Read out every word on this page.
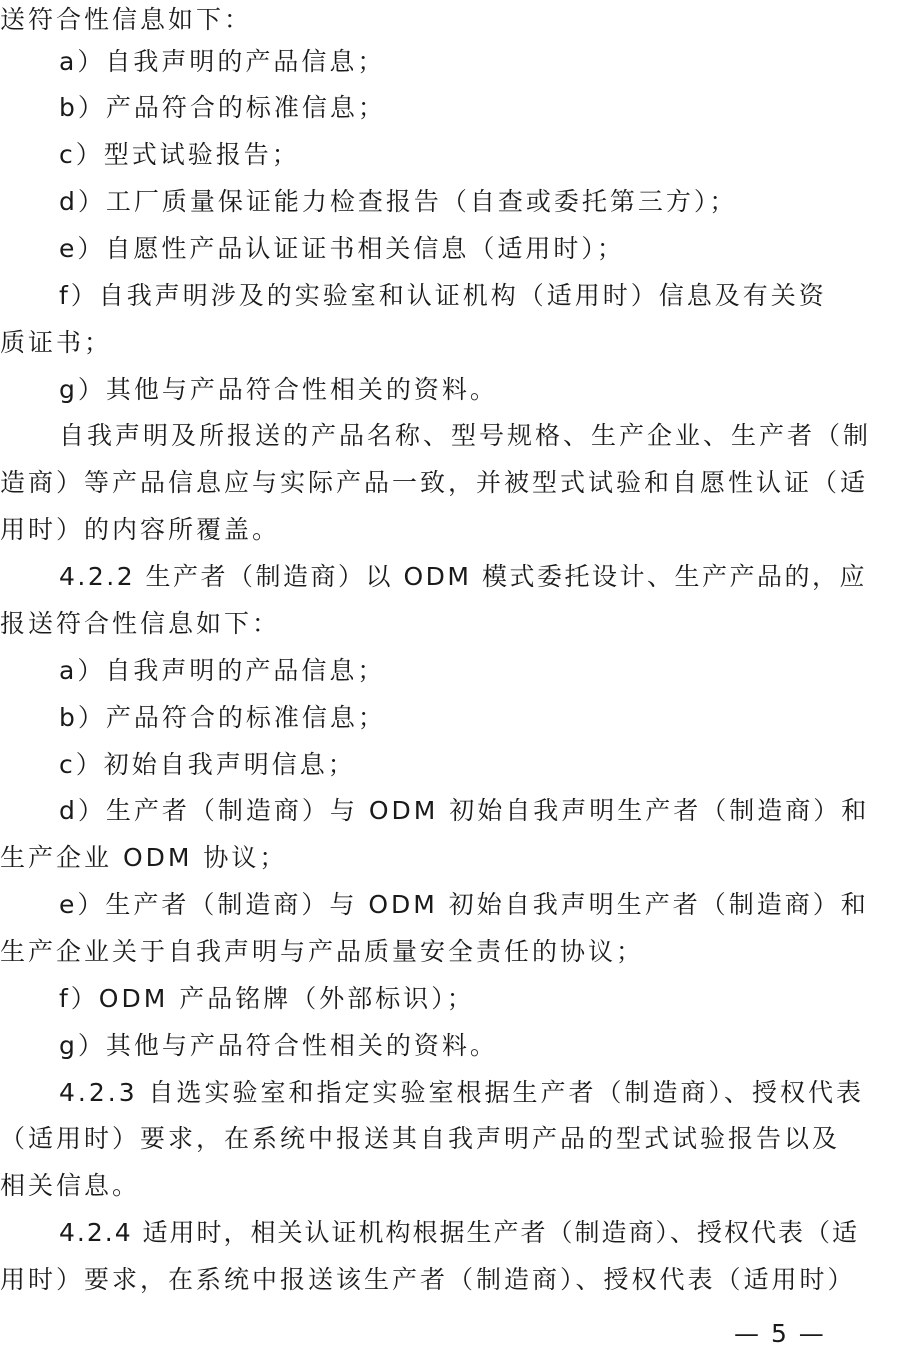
送符合性信息如下：
a）自我声明的产品信息；
b）产品符合的标准信息；
c）型式试验报告；
d）工厂质量保证能力检查报告（自查或委托第三方）；
e）自愿性产品认证证书相关信息（适用时）；
f）自我声明涉及的实验室和认证机构（适用时）信息及有关资
质证书；
g）其他与产品符合性相关的资料。
自我声明及所报送的产品名称、型号规格、生产企业、生产者（制
造商）等产品信息应与实际产品一致，并被型式试验和自愿性认证（适
用时）的内容所覆盖。
4.2.2 生产者（制造商）以 ODM 模式委托设计、生产产品的，应
报送符合性信息如下：
a）自我声明的产品信息；
b）产品符合的标准信息；
c）初始自我声明信息；
d）生产者（制造商）与 ODM 初始自我声明生产者（制造商）和
生产企业 ODM 协议；
e）生产者（制造商）与 ODM 初始自我声明生产者（制造商）和
生产企业关于自我声明与产品质量安全责任的协议；
f）ODM 产品铭牌（外部标识）；
g）其他与产品符合性相关的资料。
4.2.3 自选实验室和指定实验室根据生产者（制造商）、授权代表
（适用时）要求，在系统中报送其自我声明产品的型式试验报告以及
相关信息。
4.2.4 适用时，相关认证机构根据生产者（制造商）、授权代表（适
用时）要求，在系统中报送该生产者（制造商）、授权代表（适用时）
— 5 —
